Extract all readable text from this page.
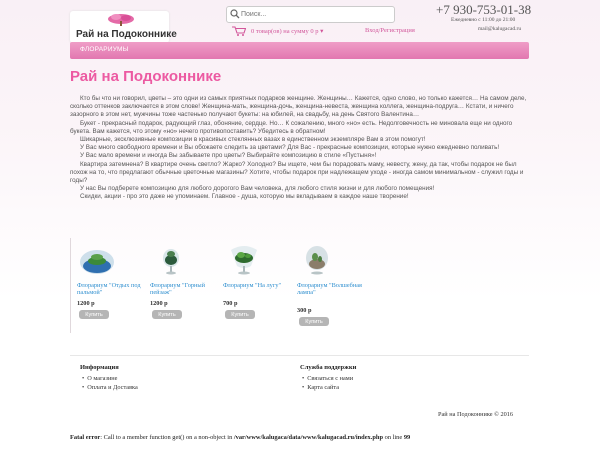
Рай на Подоконнике
Поиск...	0 товар(ов) на сумму 0 р ▾	Вход/Регистрация
+7 930-753-01-38
Ежедневно с 11:00 до 21:00
mail@kalugacad.ru
ФЛОРАРИУМЫ
Рай на Подоконнике

Кто бы что ни говорил, цветы – это одни из самых приятных подарков женщине. Женщины… Кажется, одно слово, но только кажется… На самом деле, сколько оттенков заключается в этом слове! Женщина-мать, женщина-дочь, женщина-невеста, женщина коллега, женщина-подруга… Кстати, и ничего зазорного в этом нет, мужчины тоже частенько получают букеты: на юбилей, на свадьбу, на день Святого Валентина…

Букет - прекрасный подарок, радующий глаз, обоняние, сердце. Но… К сожалению, много «но» есть. Недолговечность не миновала еще ни одного букета. Вам кажется, что этому «но» нечего противопоставить? Убедитесь в обратном!

Шикарные, эксклюзивные композиции в красивых стеклянных вазах в единственном экземпляре Вам в этом помогут!

У Вас много свободного времени и Вы обожаете следить за цветами? Для Вас - прекрасные композиции, которые нужно ежедневно поливать!

У Вас мало времени и иногда Вы забываете про цветы? Выбирайте композицию в стиле «Пустыня»!

Квартира затемнена? В квартире очень светло? Жарко? Холодно? Вы ищете, чем бы порадовать маму, невесту, жену, да так, чтобы подарок не был похож на то, что предлагают обычные цветочные магазины? Хотите, чтобы подарок при надлежащем уходе - иногда самом минимальном - служил годы и годы?

У нас Вы подберете композицию для любого дорогого Вам человека, для любого стиля жизни и для любого помещения!

Скидки, акции - про это даже не упоминаем. Главное - душа, которую мы вкладываем в каждое наше творение!

Флорариум "Отдых под пальмой"
1200 р
Купить
Флорариум "Горный пейзаж"
1200 р
Купить
Флорариум "На лугу"
700 р
Купить
Флорариум "Волшебная лампа"
300 р
Купить
Информация
• О магазине
• Оплата и Доставка
Служба поддержки
• Связаться с нами
• Карта сайта
Рай на Подоконнике © 2016
Fatal error: Call to a member function get() on a non-object in /var/www/kalugaca/data/www/kalugacad.ru/index.php on line 99
